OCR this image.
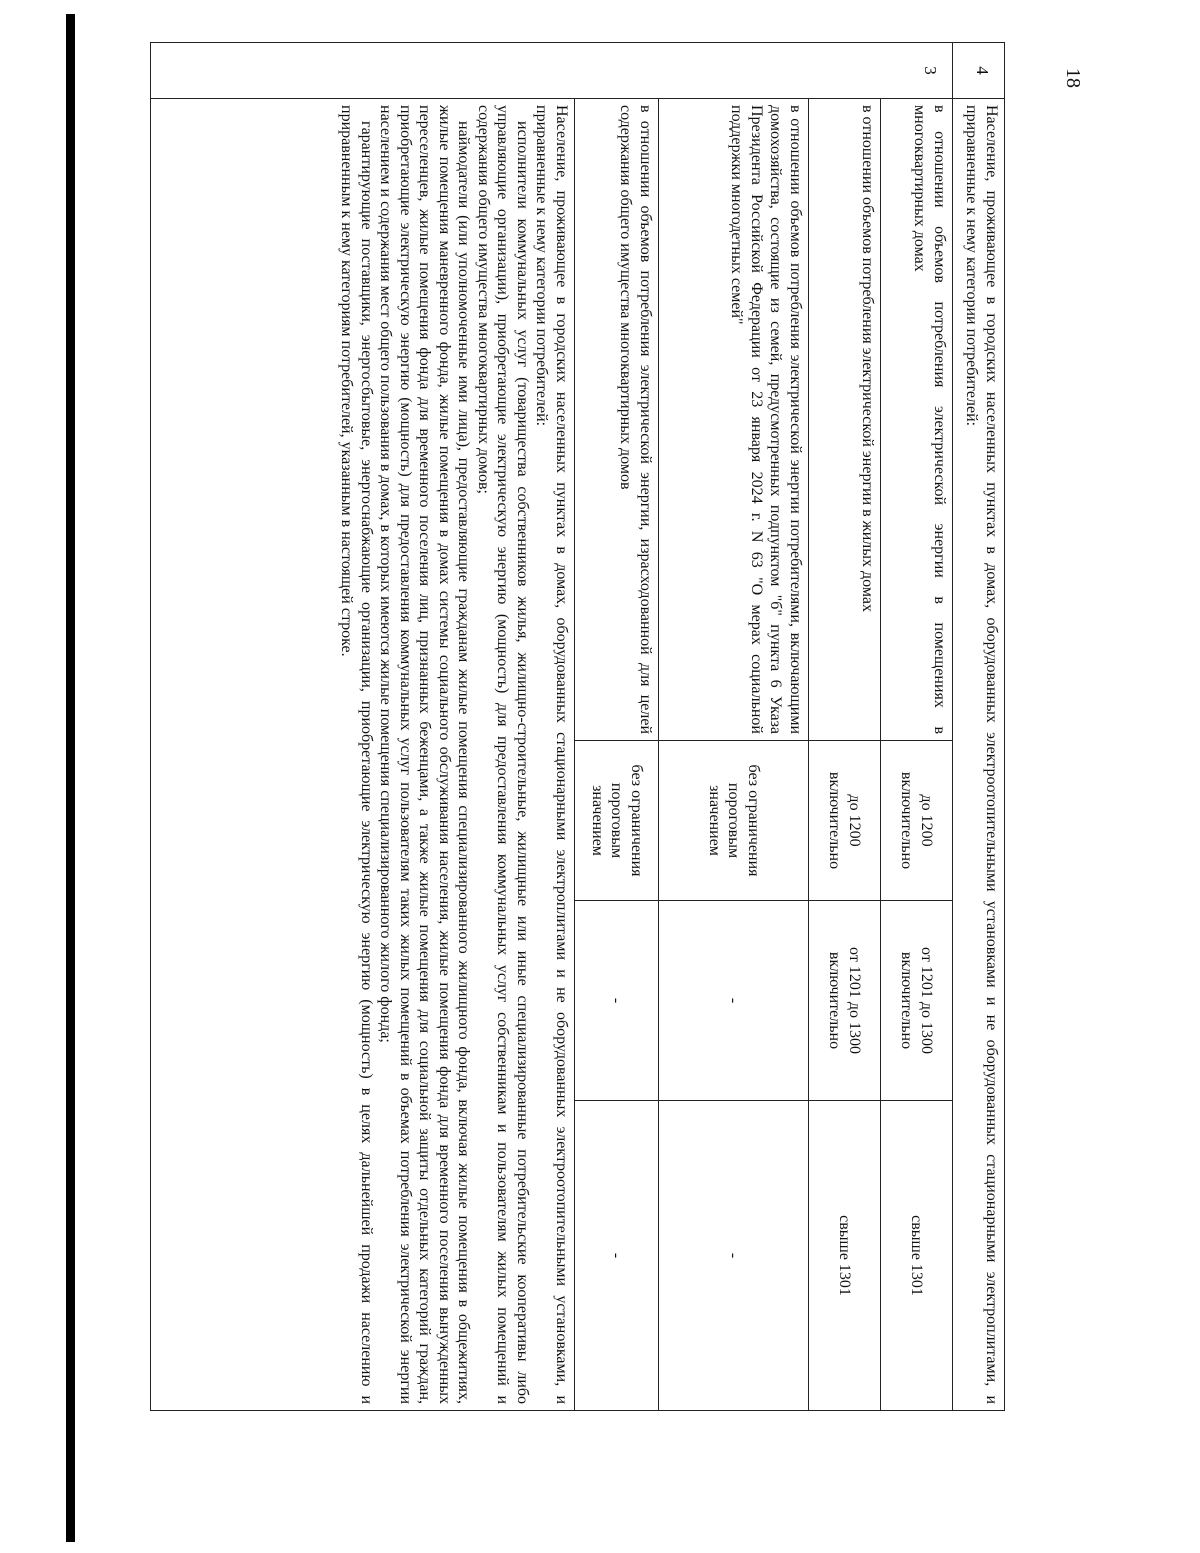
18
4	Население, проживающее в городских населенных пунктах в домах, оборудованных электроотопительными установками и не оборудованных стационарными электроплитами, и приравненные к нему категории потребителей:			
3	в отношении объемов потребления электрической энергии в помещениях в многоквартирных домах	до 1200 включительно	от 1201 до 1300 включительно	свыше 1301
	в отношении объемов потребления электрической энергии в жилых домах	до 1200 включительно	от 1201 до 1300 включительно	свыше 1301
	в отношении объемов потребления электрической энергии потребителями, включающими домохозяйства, состоящие из семей, предусмотренных подпунктом "б" пункта 6 Указа Президента Российской Федерации от 23 января 2024 г. N 63 "О мерах социальной поддержки многодетных семей"	без ограничения пороговым значением	-	-
	в отношении объемов потребления электрической энергии, израсходованной для целей содержания общего имущества многоквартирных домов	без ограничения пороговым значением	-	-

	Население, проживающее в городских населенных пунктах в домах, оборудованных стационарными электроплитами и не оборудованных электроотопительными установками, и приравненные к нему категории потребителей:

исполнители коммунальных услуг (товарищества собственников жилья, жилищно-строительные, жилищные или иные специализированные потребительские кооперативы либо управляющие организации), приобретающие электрическую энергию (мощность) для предоставления коммунальных услуг собственникам и пользователям жилых помещений и содержания общего имущества многоквартирных домов;

наймодатели (или уполномоченные ими лица), предоставляющие гражданам жилые помещения специализированного жилищного фонда, включая жилые помещения в общежитиях, жилые помещения маневренного фонда, жилые помещения в домах системы социального обслуживания населения, жилые помещения фонда для временного поселения вынужденных переселенцев, жилые помещения фонда для временного поселения лиц, признанных беженцами, а также жилые помещения для социальной защиты отдельных категорий граждан, приобретающие электрическую энергию (мощность) для предоставления коммунальных услуг пользователям таких жилых помещений в объемах потребления электрической энергии населением и содержания мест общего пользования в домах, в которых имеются жилые помещения специализированного жилого фонда;

гарантирующие поставщики, энергосбытовые, энергоснабжающие организации, приобретающие электрическую энергию (мощность) в целях дальнейшей продажи населению и приравненным к нему категориям потребителей, указанным в настоящей строке.			
